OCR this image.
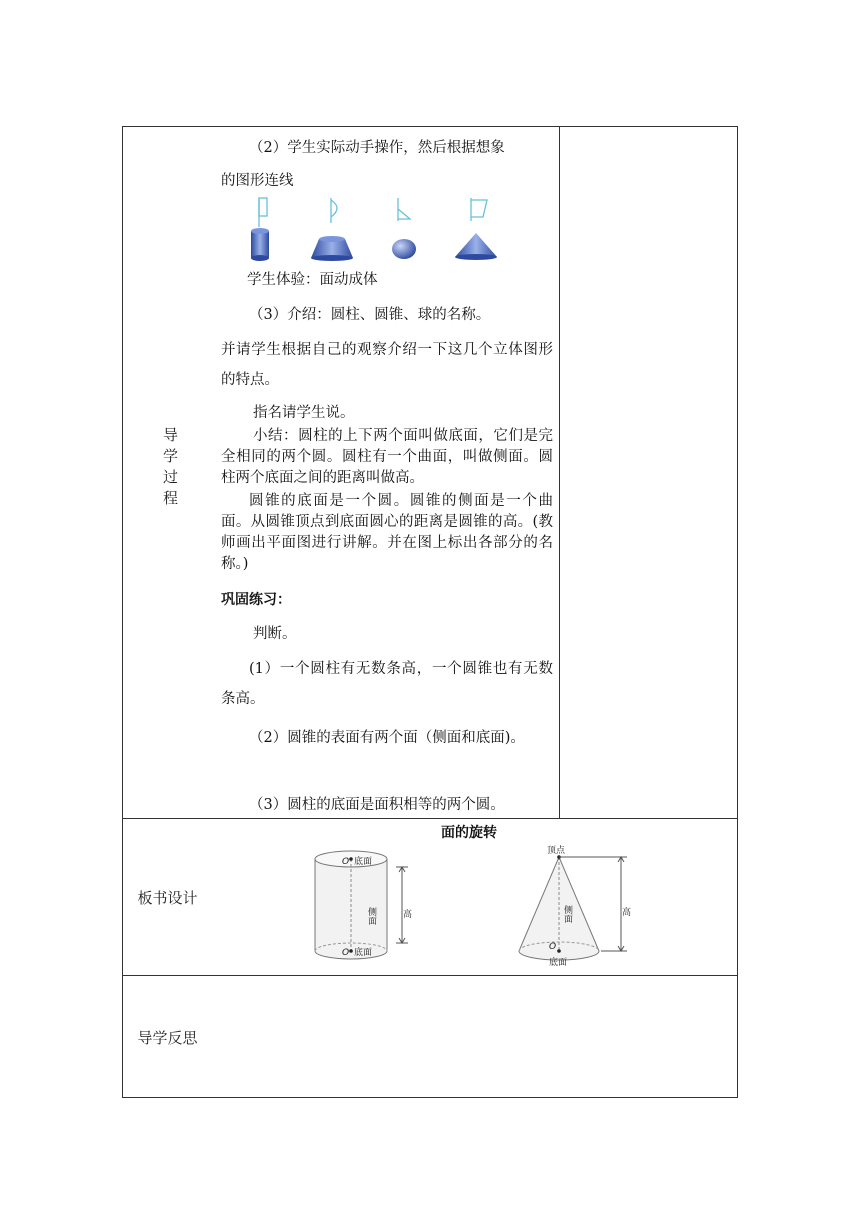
导学过程
板书设计
导学反思

（2）学生实际动手操作，然后根据想象

的图形连线

学生体验：面动成体

（3）介绍：圆柱、圆锥、球的名称。

并请学生根据自己的观察介绍一下这几个立体图形的特点。

指名请学生说。

小结：圆柱的上下两个面叫做底面，它们是完全相同的两个圆。圆柱有一个曲面，叫做侧面。圆柱两个底面之间的距离叫做高。

圆锥的底面是一个圆。圆锥的侧面是一个曲面。从圆锥顶点到底面圆心的距离是圆锥的高。(教师画出平面图进行讲解。并在图上标出各部分的名称。)

巩固练习：

判断。

(1）一个圆柱有无数条高，一个圆锥也有无数条高。

（2）圆锥的表面有两个面（侧面和底面)。

（3）圆柱的底面是面积相等的两个圆。

面的旋转
O 底面
O 底面
侧面	高
顶点
O
底面
侧面	高
